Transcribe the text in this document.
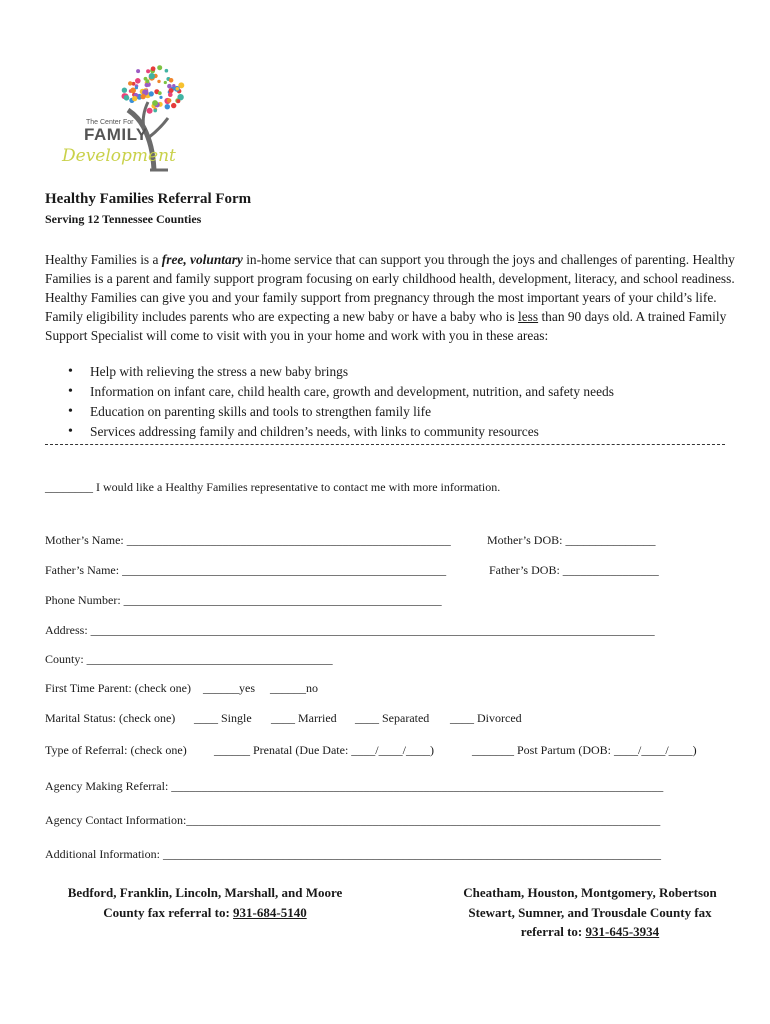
The Center For
FAMILY
Development
Healthy Families Referral Form
Serving 12 Tennessee Counties
Healthy Families is a free, voluntary in-home service that can support you through the joys and challenges of parenting. Healthy Families is a parent and family support program focusing on early childhood health, development, literacy, and school readiness. Healthy Families can give you and your family support from pregnancy through the most important years of your child’s life. Family eligibility includes parents who are expecting a new baby or have a baby who is less than 90 days old. A trained Family Support Specialist will come to visit with you in your home and work with you in these areas:
• Help with relieving the stress a new baby brings
• Information on infant care, child health care, growth and development, nutrition, and safety needs
• Education on parenting skills and tools to strengthen family life
• Services addressing family and children’s needs, with links to community resources
________ I would like a Healthy Families representative to contact me with more information.
Mother’s Name: ______________________________________________________	Mother’s DOB: _______________
Father’s Name: ______________________________________________________	Father’s DOB: ________________
Phone Number: _____________________________________________________
Address: ______________________________________________________________________________________________
County: _________________________________________
First Time Parent: (check one) ______yes ______no
Marital Status: (check one) ____ Single ____ Married ____ Separated ____ Divorced
Type of Referral: (check one) ______ Prenatal (Due Date: ____/____/____)	_______ Post Partum (DOB: ____/____/____)
Agency Making Referral: __________________________________________________________________________________
Agency Contact Information:_______________________________________________________________________________
Additional Information: ___________________________________________________________________________________
Bedford, Franklin, Lincoln, Marshall, and Moore
County fax referral to: 931-684-5140
Cheatham, Houston, Montgomery, Robertson
Stewart, Sumner, and Trousdale County fax
referral to: 931-645-3934
